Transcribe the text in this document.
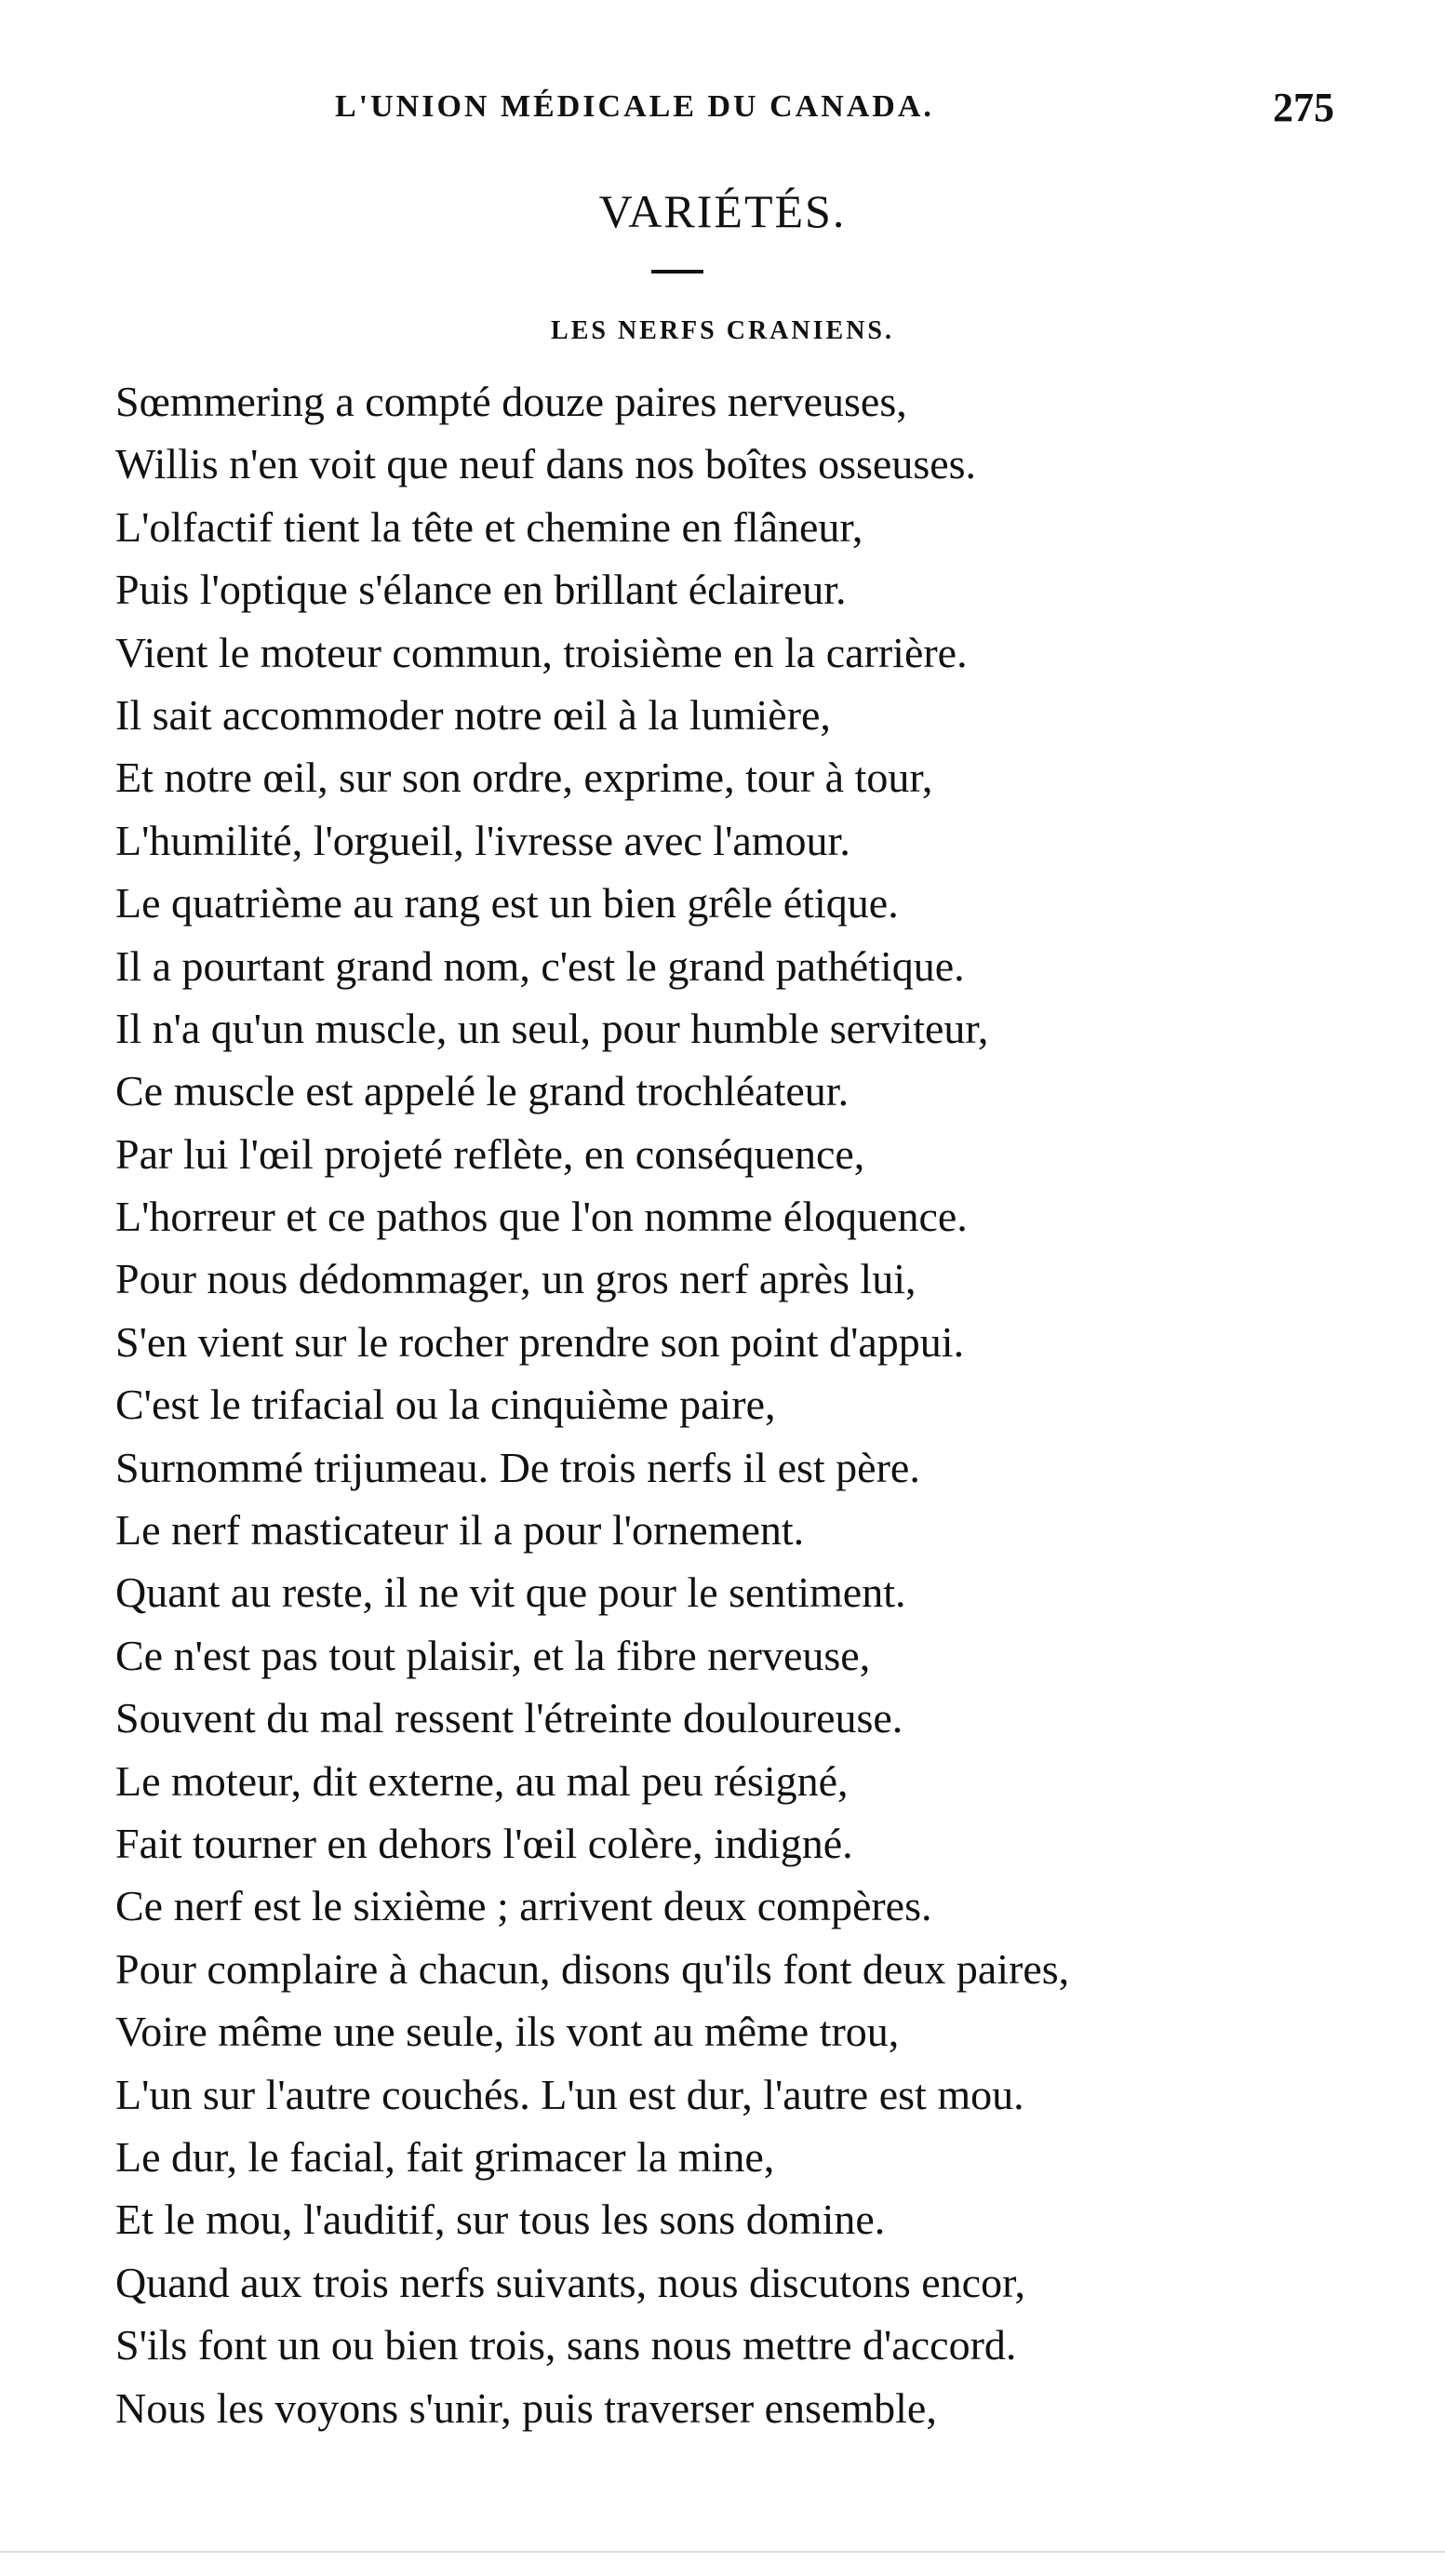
L'UNION MÉDICALE DU CANADA.	275
VARIÉTÉS.
LES NERFS CRANIENS.
Sœmmering a compté douze paires nerveuses,
Willis n'en voit que neuf dans nos boîtes osseuses.
L'olfactif tient la tête et chemine en flâneur,
Puis l'optique s'élance en brillant éclaireur.
Vient le moteur commun, troisième en la carrière.
Il sait accommoder notre œil à la lumière,
Et notre œil, sur son ordre, exprime, tour à tour,
L'humilité, l'orgueil, l'ivresse avec l'amour.
Le quatrième au rang est un bien grêle étique.
Il a pourtant grand nom, c'est le grand pathétique.
Il n'a qu'un muscle, un seul, pour humble serviteur,
Ce muscle est appelé le grand trochléateur.
Par lui l'œil projeté reflète, en conséquence,
L'horreur et ce pathos que l'on nomme éloquence.
Pour nous dédommager, un gros nerf après lui,
S'en vient sur le rocher prendre son point d'appui.
C'est le trifacial ou la cinquième paire,
Surnommé trijumeau. De trois nerfs il est père.
Le nerf masticateur il a pour l'ornement.
Quant au reste, il ne vit que pour le sentiment.
Ce n'est pas tout plaisir, et la fibre nerveuse,
Souvent du mal ressent l'étreinte douloureuse.
Le moteur, dit externe, au mal peu résigné,
Fait tourner en dehors l'œil colère, indigné.
Ce nerf est le sixième ; arrivent deux compères.
Pour complaire à chacun, disons qu'ils font deux paires,
Voire même une seule, ils vont au même trou,
L'un sur l'autre couchés. L'un est dur, l'autre est mou.
Le dur, le facial, fait grimacer la mine,
Et le mou, l'auditif, sur tous les sons domine.
Quand aux trois nerfs suivants, nous discutons encor,
S'ils font un ou bien trois, sans nous mettre d'accord.
Nous les voyons s'unir, puis traverser ensemble,
